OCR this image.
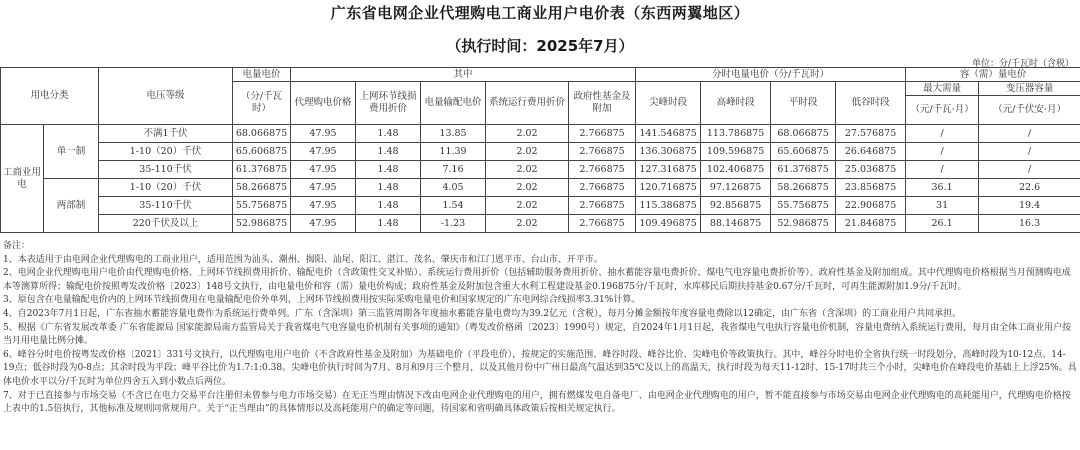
广东省电网企业代理购电工商业用户电价表（东西两翼地区）
（执行时间：2025年7月）
单位：分/千瓦时（含税）
用电分类		电压等级	电量电价	其中					分时电量电价（分/千瓦时）				容（需）量电价	
			（分/千瓦时）	代理购电价格	上网环节线损费用折价	电量输配电价	系统运行费用折价	政府性基金及附加	尖峰时段	高峰时段	平时段	低谷时段	最大需量	变压器容量
													（元/千瓦·月）	（元/千伏安·月）
工商业用电	单一制	不满1千伏	68.066875	47.95	1.48	13.85	2.02	2.766875	141.546875	113.786875	68.066875	27.576875	/	/
		1-10（20）千伏	65.606875	47.95	1.48	11.39	2.02	2.766875	136.306875	109.596875	65.606875	26.646875	/	/
		35-110千伏	61.376875	47.95	1.48	7.16	2.02	2.766875	127.316875	102.406875	61.376875	25.036875	/	/
	两部制	1-10（20）千伏	58.266875	47.95	1.48	4.05	2.02	2.766875	120.716875	97.126875	58.266875	23.856875	36.1	22.6
		35-110千伏	55.756875	47.95	1.48	1.54	2.02	2.766875	115.386875	92.856875	55.756875	22.906875	31	19.4
		220千伏及以上	52.986875	47.95	1.48	-1.23	2.02	2.766875	109.496875	88.146875	52.986875	21.846875	26.1	16.3

备注：

1、本表适用于由电网企业代理购电的工商业用户，适用范围为汕头、潮州、揭阳、汕尾、阳江、湛江、茂名、肇庆市和江门恩平市、台山市、开平市。

2、电网企业代理购电用户电价由代理购电价格、上网环节线损费用折价、输配电价（含政策性交叉补贴）、系统运行费用折价（包括辅助服务费用折价、抽水蓄能容量电费折价、煤电气电容量电费折价等）、政府性基金及附加组成。其中代理购电价格根据当月预测购电成本等测算所得；输配电价按照粤发改价格〔2023〕148号文执行，由电量电价和容（需）量电价构成；政府性基金及附加包含重大水利工程建设基金0.196875分/千瓦时，水库移民后期扶持基金0.67分/千瓦时，可再生能源附加1.9分/千瓦时。

3、原包含在电量输配电价内的上网环节线损费用在电量输配电价外单列，上网环节线损费用按实际采购电量电价和国家规定的广东电网综合线损率3.31%计算。

4、自2023年7月1日起，广东省抽水蓄能容量电费作为系统运行费单列。广东（含深圳）第三监管周期各年度抽水蓄能容量电费均为39.2亿元（含税），每月分摊金额按年度容量电费除以12确定，由广东省（含深圳）的工商业用户共同承担。

5、根据《广东省发展改革委 广东省能源局 国家能源局南方监管局关于我省煤电气电容量电价机制有关事项的通知》（粤发改价格函〔2023〕1990号）规定，自2024年1月1日起，我省煤电气电执行容量电价机制，容量电费纳入系统运行费用，每月由全体工商业用户按当月用电量比例分摊。

6、峰谷分时电价按粤发改价格〔2021〕331号文执行，以代理购电用户电价（不含政府性基金及附加）为基础电价（平段电价），按规定的实施范围、峰谷时段、峰谷比价、尖峰电价等政策执行。其中，峰谷分时电价全省执行统一时段划分，高峰时段为10-12点、14-19点；低谷时段为0-8点；其余时段为平段；峰平谷比价为1.7:1:0.38。尖峰电价执行时间为7月、8月和9月三个整月，以及其他月份中广州日最高气温达到35℃及以上的高温天，执行时段为每天11-12时、15-17时共三个小时，尖峰电价在峰段电价基础上上浮25%。具体电价水平以分/千瓦时为单位四舍五入到小数点后两位。

7、对于已直接参与市场交易（不含已在电力交易平台注册但未曾参与电力市场交易）在无正当理由情况下改由电网企业代理购电的用户，拥有燃煤发电自备电厂、由电网企业代理购电的用户，暂不能直接参与市场交易由电网企业代理购电的高耗能用户，代理购电价格按上表中的1.5倍执行，其他标准及规则同常规用户。关于“正当理由”的具体情形以及高耗能用户的确定等问题，待国家和省明确具体政策后按相关规定执行。
